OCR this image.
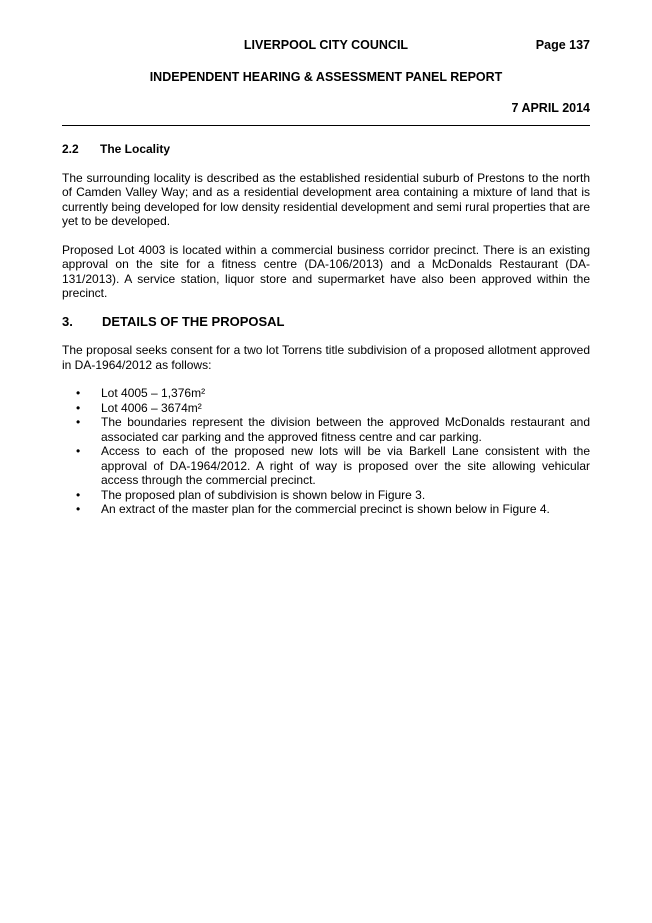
LIVERPOOL CITY COUNCIL	Page 137
INDEPENDENT HEARING & ASSESSMENT PANEL REPORT
7 APRIL 2014
2.2	The Locality

The surrounding locality is described as the established residential suburb of Prestons to the north of Camden Valley Way; and as a residential development area containing a mixture of land that is currently being developed for low density residential development and semi rural properties that are yet to be developed.

Proposed Lot 4003 is located within a commercial business corridor precinct. There is an existing approval on the site for a fitness centre (DA-106/2013) and a McDonalds Restaurant (DA-131/2013). A service station, liquor store and supermarket have also been approved within the precinct.

3.	DETAILS OF THE PROPOSAL

The proposal seeks consent for a two lot Torrens title subdivision of a proposed allotment approved in DA-1964/2012 as follows:

•	Lot 4005 – 1,376m²
•	Lot 4006 – 3674m²
•	The boundaries represent the division between the approved McDonalds restaurant and associated car parking and the approved fitness centre and car parking.
•	Access to each of the proposed new lots will be via Barkell Lane consistent with the approval of DA-1964/2012. A right of way is proposed over the site allowing vehicular access through the commercial precinct.
•	The proposed plan of subdivision is shown below in Figure 3.
•	An extract of the master plan for the commercial precinct is shown below in Figure 4.
